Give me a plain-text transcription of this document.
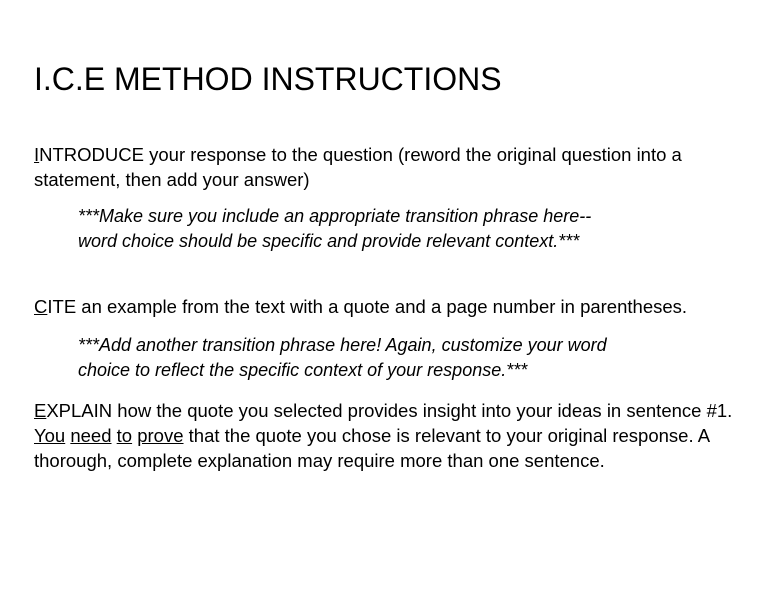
I.C.E METHOD INSTRUCTIONS

INTRODUCE your response to the question (reword the original question into a statement, then add your answer)

***Make sure you include an appropriate transition phrase here-- word choice should be specific and provide relevant context.***

CITE an example from the text with a quote and a page number in parentheses.

***Add another transition phrase here! Again, customize your word choice to reflect the specific context of your response.***

EXPLAIN how the quote you selected provides insight into your ideas in sentence #1. You need to prove that the quote you chose is relevant to your original response. A thorough, complete explanation may require more than one sentence.
